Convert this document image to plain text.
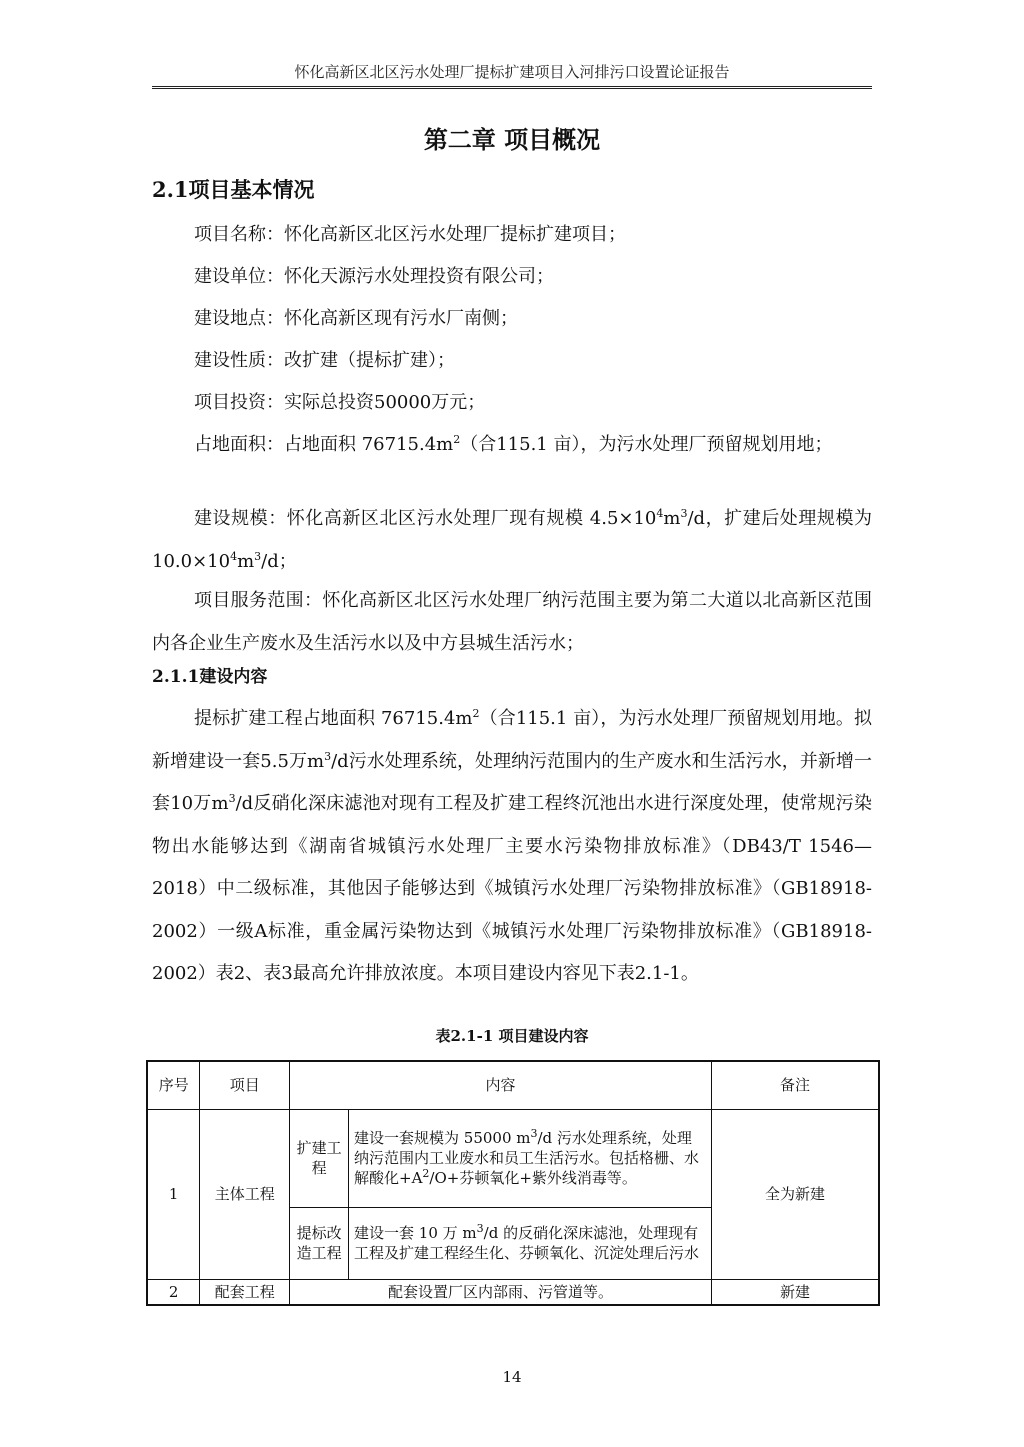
怀化高新区北区污水处理厂提标扩建项目入河排污口设置论证报告
第二章 项目概况
2.1项目基本情况

项目名称：怀化高新区北区污水处理厂提标扩建项目；

建设单位：怀化天源污水处理投资有限公司；

建设地点：怀化高新区现有污水厂南侧；

建设性质：改扩建（提标扩建）；

项目投资：实际总投资50000万元；

占地面积：占地面积 $76715.4m^2$（合115.1 亩），为污水处理厂预留规划用地；

建设规模：怀化高新区北区污水处理厂现有规模 $4.5\times 10^4m^3/d$，扩建后处理规模为 $10.0\times 10^4m^3/d$；

项目服务范围：怀化高新区北区污水处理厂纳污范围主要为第二大道以北高新区范围内各企业生产废水及生活污水以及中方县城生活污水；

2.1.1建设内容

提标扩建工程占地面积 $76715.4m^2$（合115.1 亩），为污水处理厂预留规划用地。拟新增建设一套5.5万$m^3/d$污水处理系统，处理纳污范围内的生产废水和生活污水，并新增一套10万$m^3/d$反硝化深床滤池对现有工程及扩建工程终沉池出水进行深度处理，使常规污染物出水能够达到《湖南省城镇污水处理厂主要水污染物排放标准》（DB43/T 1546—2018）中二级标准，其他因子能够达到《城镇污水处理厂污染物排放标准》（GB18918-2002）一级A标准，重金属污染物达到《城镇污水处理厂污染物排放标准》（GB18918-2002）表2、表3最高允许排放浓度。本项目建设内容见下表2.1-1。

表2.1-1 项目建设内容
序号	项目	内容		备注
1	主体工程	扩建工程	建设一套规模为 55000 $m^3/d$ 污水处理系统，处理纳污范围内工业废水和员工生活污水。包括格栅、水解酸化$+A^2/O+$芬顿氧化+紫外线消毒等。	全为新建
		提标改造工程	建设一套 10 万 $m^3/d$ 的反硝化深床滤池，处理现有工程及扩建工程经生化、芬顿氧化、沉淀处理后污水	
2	配套工程	配套设置厂区内部雨、污管道等。		新建
14
